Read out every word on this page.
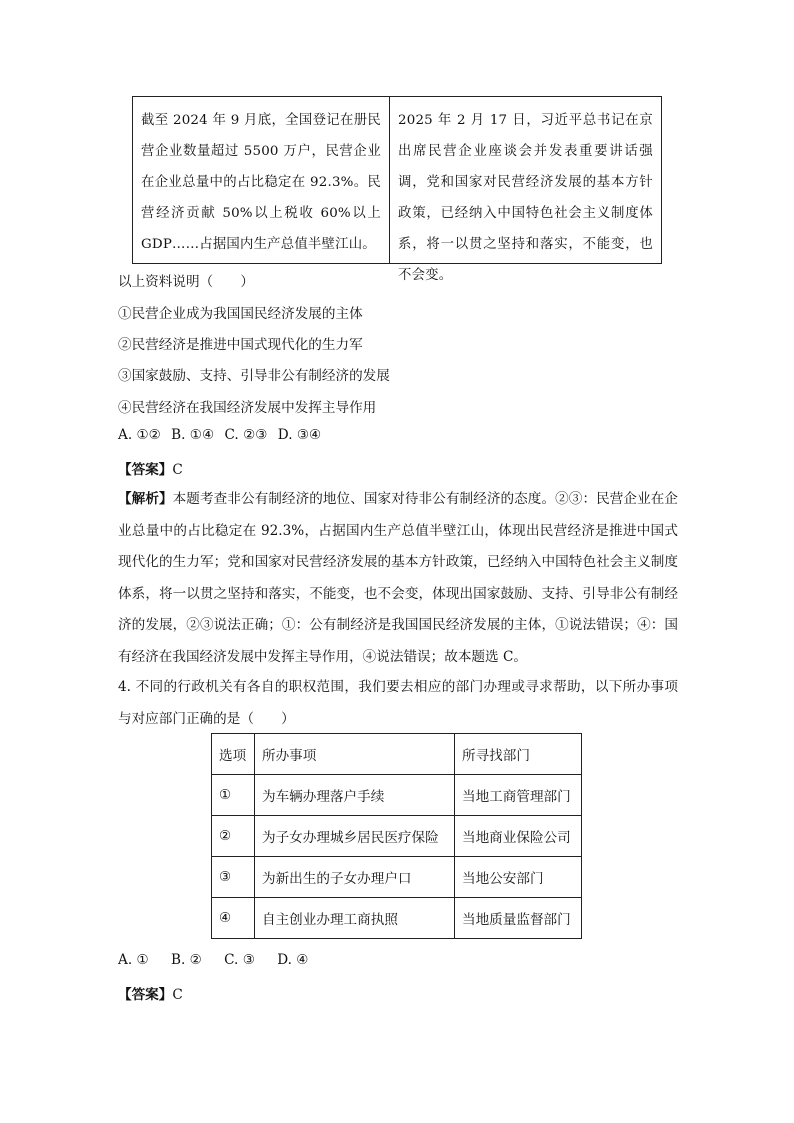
截至 2024 年 9 月底，全国登记在册民营企业数量超过 5500 万户，民营企业在企业总量中的占比稳定在 92.3%。民营经济贡献 50%以上税收 60%以上 GDP……占据国内生产总值半壁江山。
2025 年 2 月 17 日，习近平总书记在京出席民营企业座谈会并发表重要讲话强调，党和国家对民营经济发展的基本方针政策，已经纳入中国特色社会主义制度体系，将一以贯之坚持和落实，不能变，也不会变。
以上资料说明（　　）
①民营企业成为我国国民经济发展的主体
②民营经济是推进中国式现代化的生力军
③国家鼓励、支持、引导非公有制经济的发展
④民营经济在我国经济发展中发挥主导作用
A. ①② B. ①④ C. ②③ D. ③④
【答案】C
【解析】本题考查非公有制经济的地位、国家对待非公有制经济的态度。②③：民营企业在企业总量中的占比稳定在 92.3%，占据国内生产总值半壁江山，体现出民营经济是推进中国式现代化的生力军；党和国家对民营经济发展的基本方针政策，已经纳入中国特色社会主义制度体系，将一以贯之坚持和落实，不能变，也不会变，体现出国家鼓励、支持、引导非公有制经济的发展，②③说法正确；①：公有制经济是我国国民经济发展的主体，①说法错误；④：国有经济在我国经济发展中发挥主导作用，④说法错误；故本题选 C。
4. 不同的行政机关有各自的职权范围，我们要去相应的部门办理或寻求帮助，以下所办事项与对应部门正确的是（　　）
选项	所办事项	所寻找部门
①	为车辆办理落户手续	当地工商管理部门
②	为子女办理城乡居民医疗保险	当地商业保险公司
③	为新出生的子女办理户口	当地公安部门
④	自主创业办理工商执照	当地质量监督部门
A. ① B. ② C. ③ D. ④
【答案】C
